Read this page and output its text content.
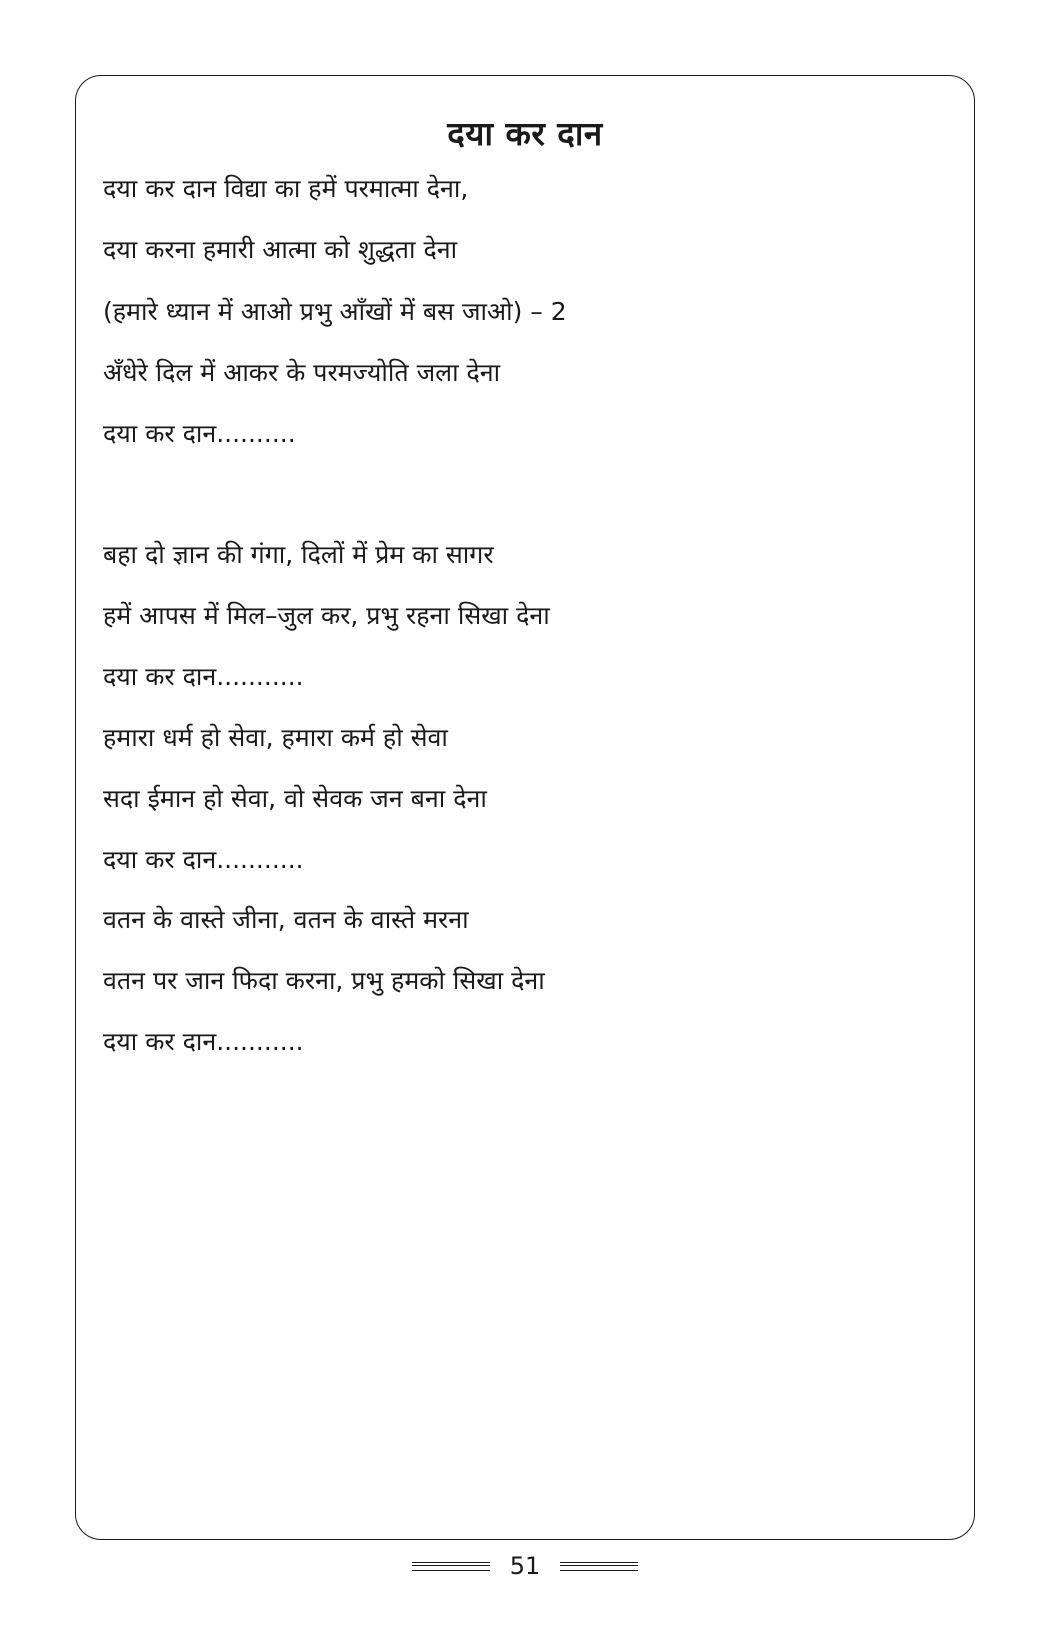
दया कर दान
दया कर दान विद्या का हमें परमात्मा देना,
दया करना हमारी आत्मा को शुद्धता देना
(हमारे ध्यान में आओ प्रभु आँखों में बस जाओ) – 2
अँधेरे दिल में आकर के परमज्योति जला देना
दया कर दान..........
बहा दो ज्ञान की गंगा, दिलों में प्रेम का सागर
हमें आपस में मिल–जुल कर, प्रभु रहना सिखा देना
दया कर दान...........
हमारा धर्म हो सेवा, हमारा कर्म हो सेवा
सदा ईमान हो सेवा, वो सेवक जन बना देना
दया कर दान...........
वतन के वास्ते जीना, वतन के वास्ते मरना
वतन पर जान फिदा करना, प्रभु हमको सिखा देना
दया कर दान...........
51
